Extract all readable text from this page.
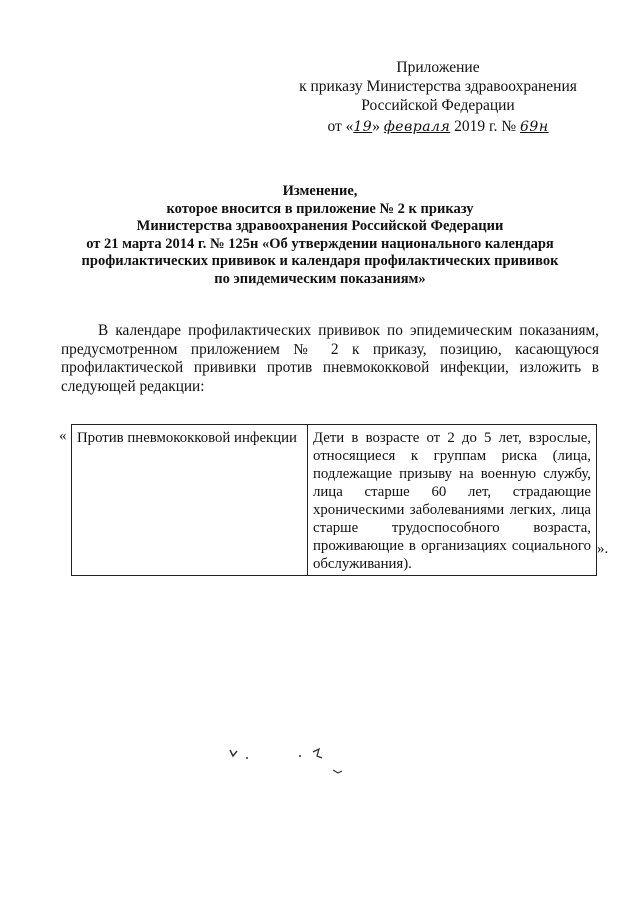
Приложение
к приказу Министерства здравоохранения
Российской Федерации
от «19» февраля 2019 г. № 69н
Изменение,
которое вносится в приложение № 2 к приказу
Министерства здравоохранения Российской Федерации
от 21 марта 2014 г. № 125н «Об утверждении национального календаря
профилактических прививок и календаря профилактических прививок
по эпидемическим показаниям»
В календаре профилактических прививок по эпидемическим показаниям, предусмотренном приложением № 2 к приказу, позицию, касающуюся профилактической прививки против пневмококковой инфекции, изложить в следующей редакции:
« Против пневмококковой инфекции	Дети в возрасте от 2 до 5 лет, взрослые, относящиеся к группам риска (лица, подлежащие призыву на военную службу, лица старше 60 лет, страдающие хроническими заболеваниями легких, лица старше трудоспособного возраста, проживающие в организациях социального обслуживания).
».
